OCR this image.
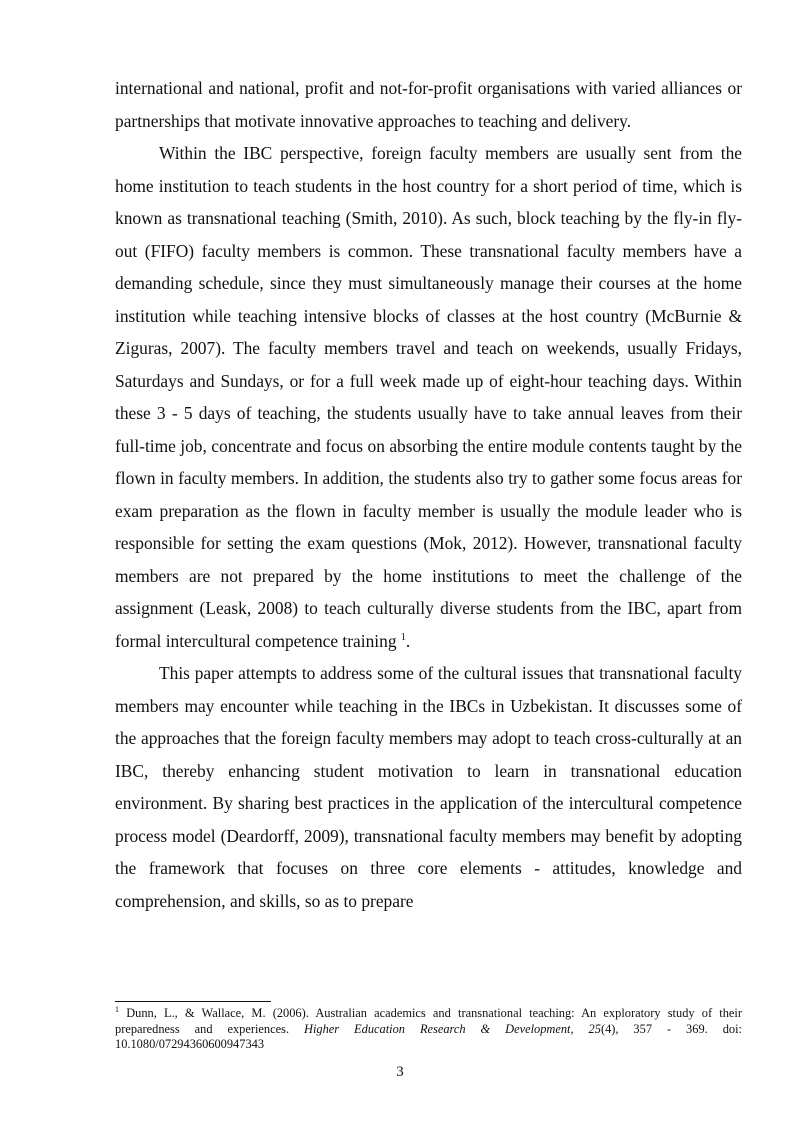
international and national, profit and not-for-profit organisations with varied alliances or partnerships that motivate innovative approaches to teaching and delivery.

Within the IBC perspective, foreign faculty members are usually sent from the home institution to teach students in the host country for a short period of time, which is known as transnational teaching (Smith, 2010). As such, block teaching by the fly-in fly-out (FIFO) faculty members is common. These transnational faculty members have a demanding schedule, since they must simultaneously manage their courses at the home institution while teaching intensive blocks of classes at the host country (McBurnie & Ziguras, 2007). The faculty members travel and teach on weekends, usually Fridays, Saturdays and Sundays, or for a full week made up of eight-hour teaching days. Within these 3 - 5 days of teaching, the students usually have to take annual leaves from their full-time job, concentrate and focus on absorbing the entire module contents taught by the flown in faculty members. In addition, the students also try to gather some focus areas for exam preparation as the flown in faculty member is usually the module leader who is responsible for setting the exam questions (Mok, 2012). However, transnational faculty members are not prepared by the home institutions to meet the challenge of the assignment (Leask, 2008) to teach culturally diverse students from the IBC, apart from formal intercultural competence training $^1$.

This paper attempts to address some of the cultural issues that transnational faculty members may encounter while teaching in the IBCs in Uzbekistan. It discusses some of the approaches that the foreign faculty members may adopt to teach cross-culturally at an IBC, thereby enhancing student motivation to learn in transnational education environment. By sharing best practices in the application of the intercultural competence process model (Deardorff, 2009), transnational faculty members may benefit by adopting the framework that focuses on three core elements - attitudes, knowledge and comprehension, and skills, so as to prepare

$^1$ Dunn, L., & Wallace, M. (2006). Australian academics and transnational teaching: An exploratory study of their preparedness and experiences. Higher Education Research & Development, 25(4), 357 - 369. doi: 10.1080/07294360600947343

3
